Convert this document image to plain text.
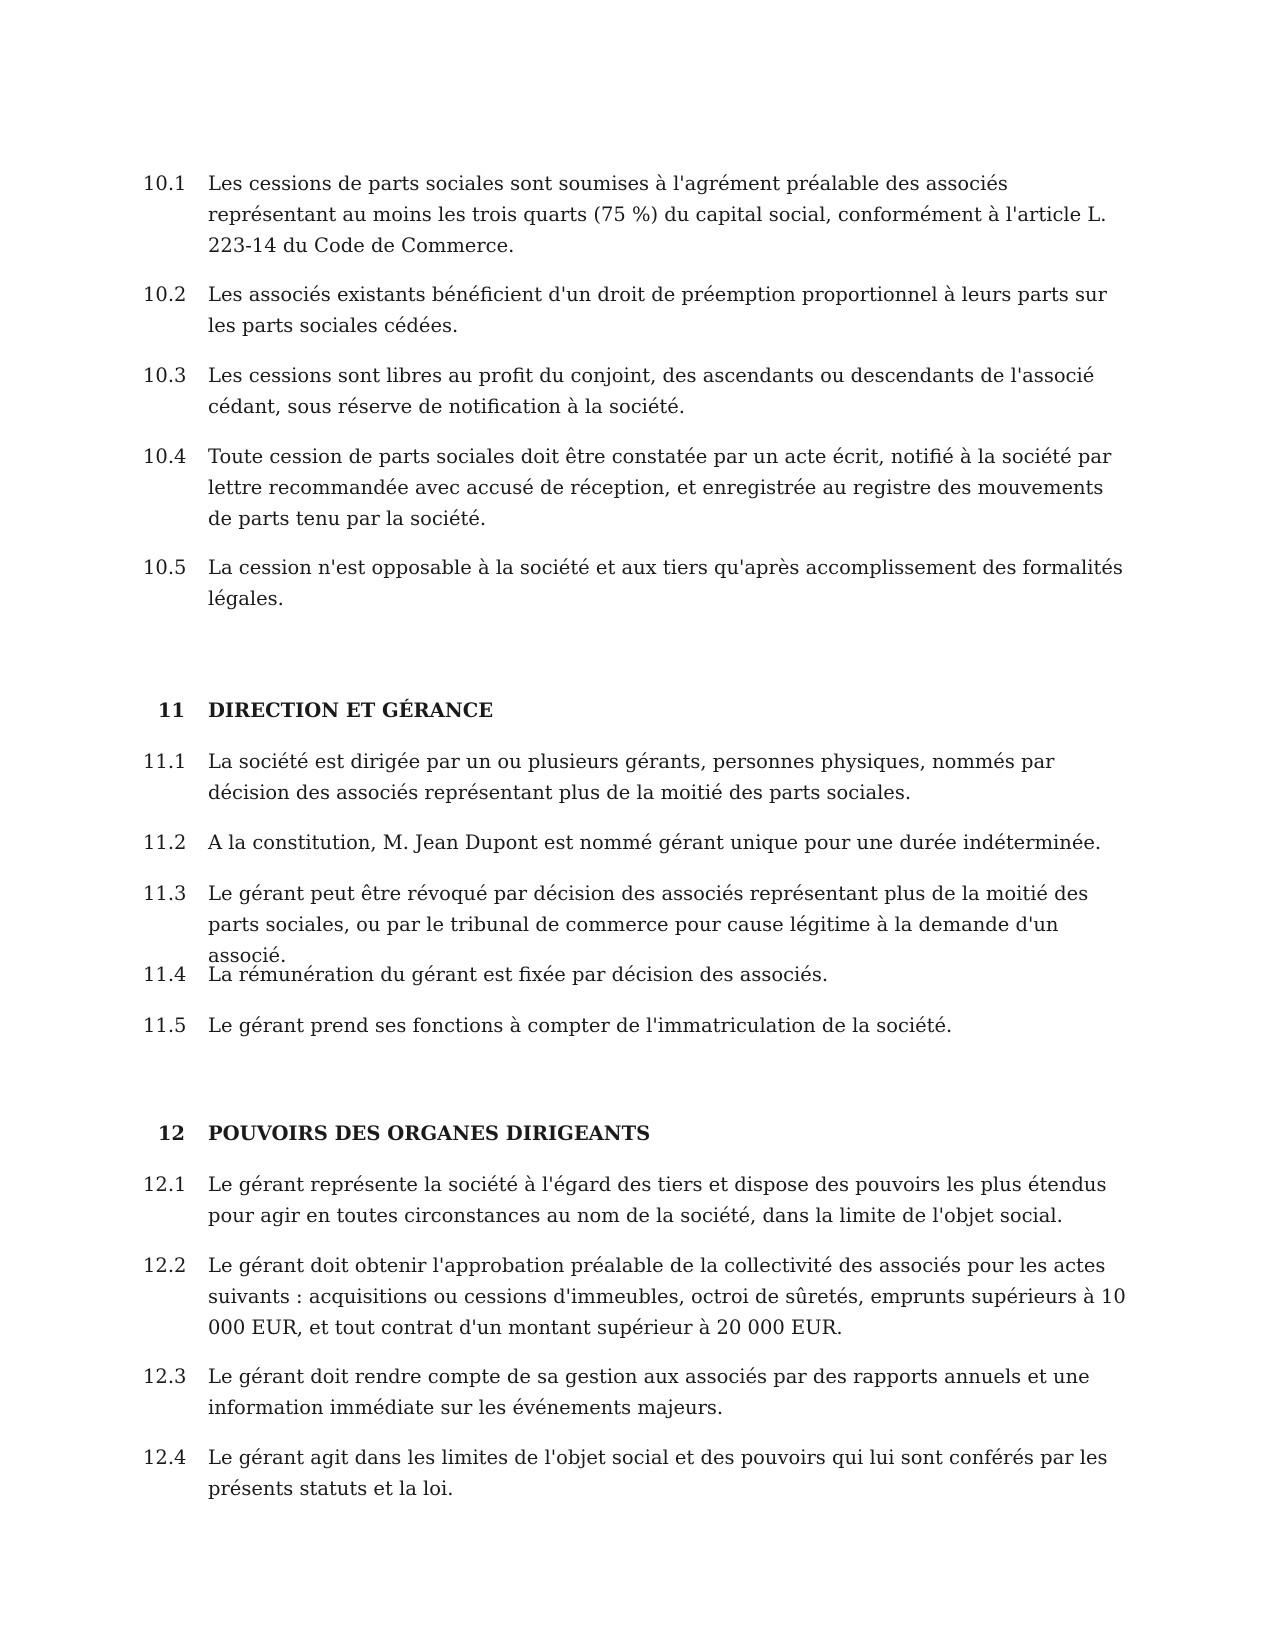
10.1	Les cessions de parts sociales sont soumises à l'agrément préalable des associés représentant au moins les trois quarts (75 %) du capital social, conformément à l'article L. 223-14 du Code de Commerce.
10.2	Les associés existants bénéficient d'un droit de préemption proportionnel à leurs parts sur les parts sociales cédées.
10.3	Les cessions sont libres au profit du conjoint, des ascendants ou descendants de l'associé cédant, sous réserve de notification à la société.
10.4	Toute cession de parts sociales doit être constatée par un acte écrit, notifié à la société par lettre recommandée avec accusé de réception, et enregistrée au registre des mouvements de parts tenu par la société.
10.5	La cession n'est opposable à la société et aux tiers qu'après accomplissement des formalités légales.
11 DIRECTION ET GÉRANCE
11.1	La société est dirigée par un ou plusieurs gérants, personnes physiques, nommés par décision des associés représentant plus de la moitié des parts sociales.
11.2	A la constitution, M. Jean Dupont est nommé gérant unique pour une durée indéterminée.
11.3	Le gérant peut être révoqué par décision des associés représentant plus de la moitié des parts sociales, ou par le tribunal de commerce pour cause légitime à la demande d'un associé.
11.4	La rémunération du gérant est fixée par décision des associés.
11.5	Le gérant prend ses fonctions à compter de l'immatriculation de la société.
12 POUVOIRS DES ORGANES DIRIGEANTS
12.1	Le gérant représente la société à l'égard des tiers et dispose des pouvoirs les plus étendus pour agir en toutes circonstances au nom de la société, dans la limite de l'objet social.
12.2	Le gérant doit obtenir l'approbation préalable de la collectivité des associés pour les actes suivants : acquisitions ou cessions d'immeubles, octroi de sûretés, emprunts supérieurs à 10 000 EUR, et tout contrat d'un montant supérieur à 20 000 EUR.
12.3	Le gérant doit rendre compte de sa gestion aux associés par des rapports annuels et une information immédiate sur les événements majeurs.
12.4	Le gérant agit dans les limites de l'objet social et des pouvoirs qui lui sont conférés par les présents statuts et la loi.
